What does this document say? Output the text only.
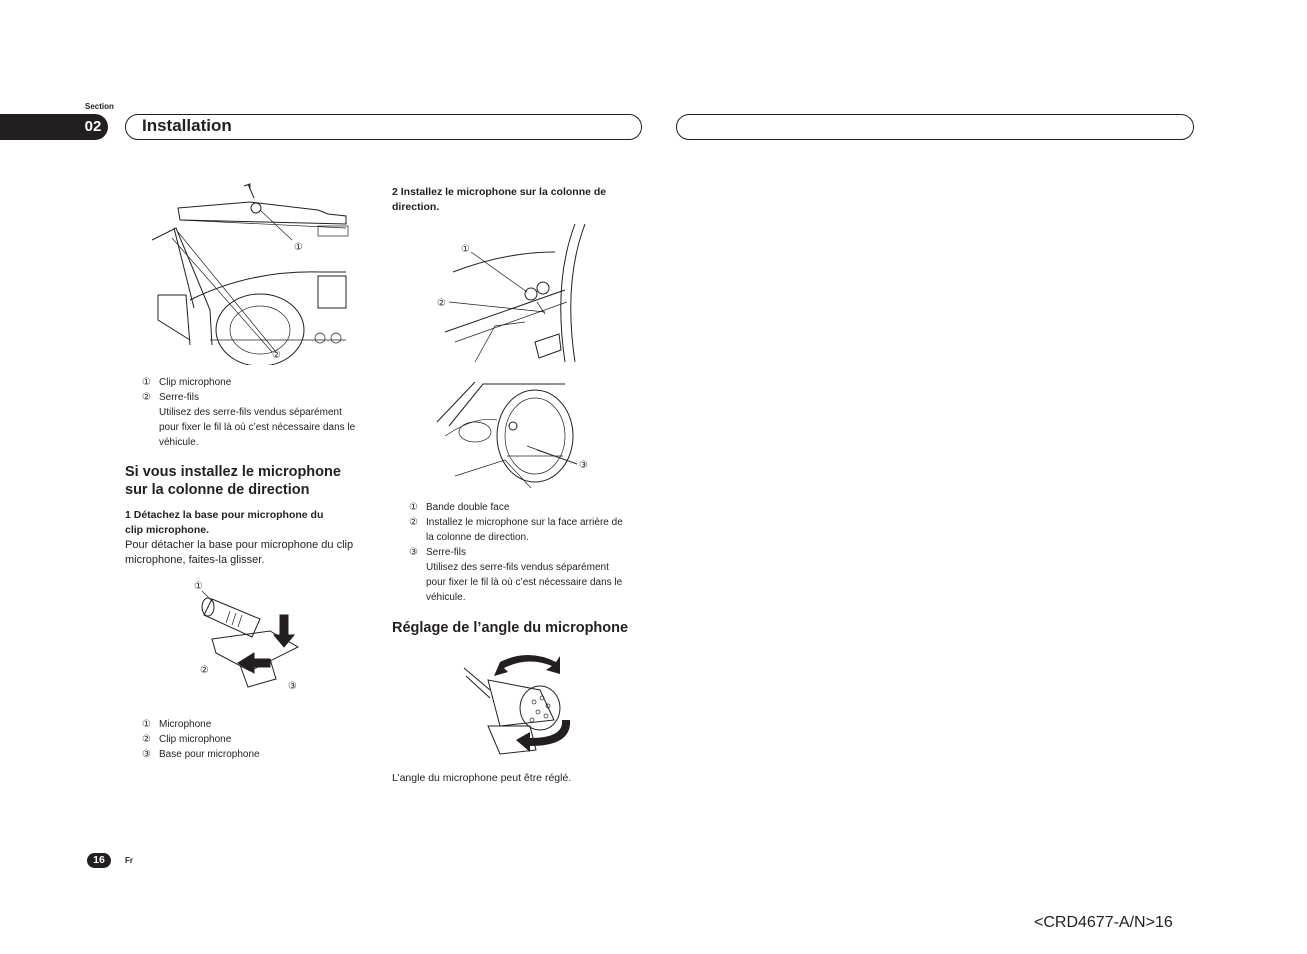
Section
02 Installation
①
②
① Clip microphone
② Serre-fils
Utilisez des serre-fils vendus séparément
pour fixer le fil là où c’est nécessaire dans le
véhicule.
Si vous installez le microphone
sur la colonne de direction
1 Détachez la base pour microphone du
clip microphone.
Pour détacher la base pour microphone du clip
microphone, faites-la glisser.
①
②
③
① Microphone
② Clip microphone
③ Base pour microphone
2 Installez le microphone sur la colonne de
direction.
①
②
③
① Bande double face
② Installez le microphone sur la face arrière de
la colonne de direction.
③ Serre-fils
Utilisez des serre-fils vendus séparément
pour fixer le fil là où c’est nécessaire dans le
véhicule.
Réglage de l’angle du microphone
L’angle du microphone peut être réglé.
16	Fr
<CRD4677-A/N>16
